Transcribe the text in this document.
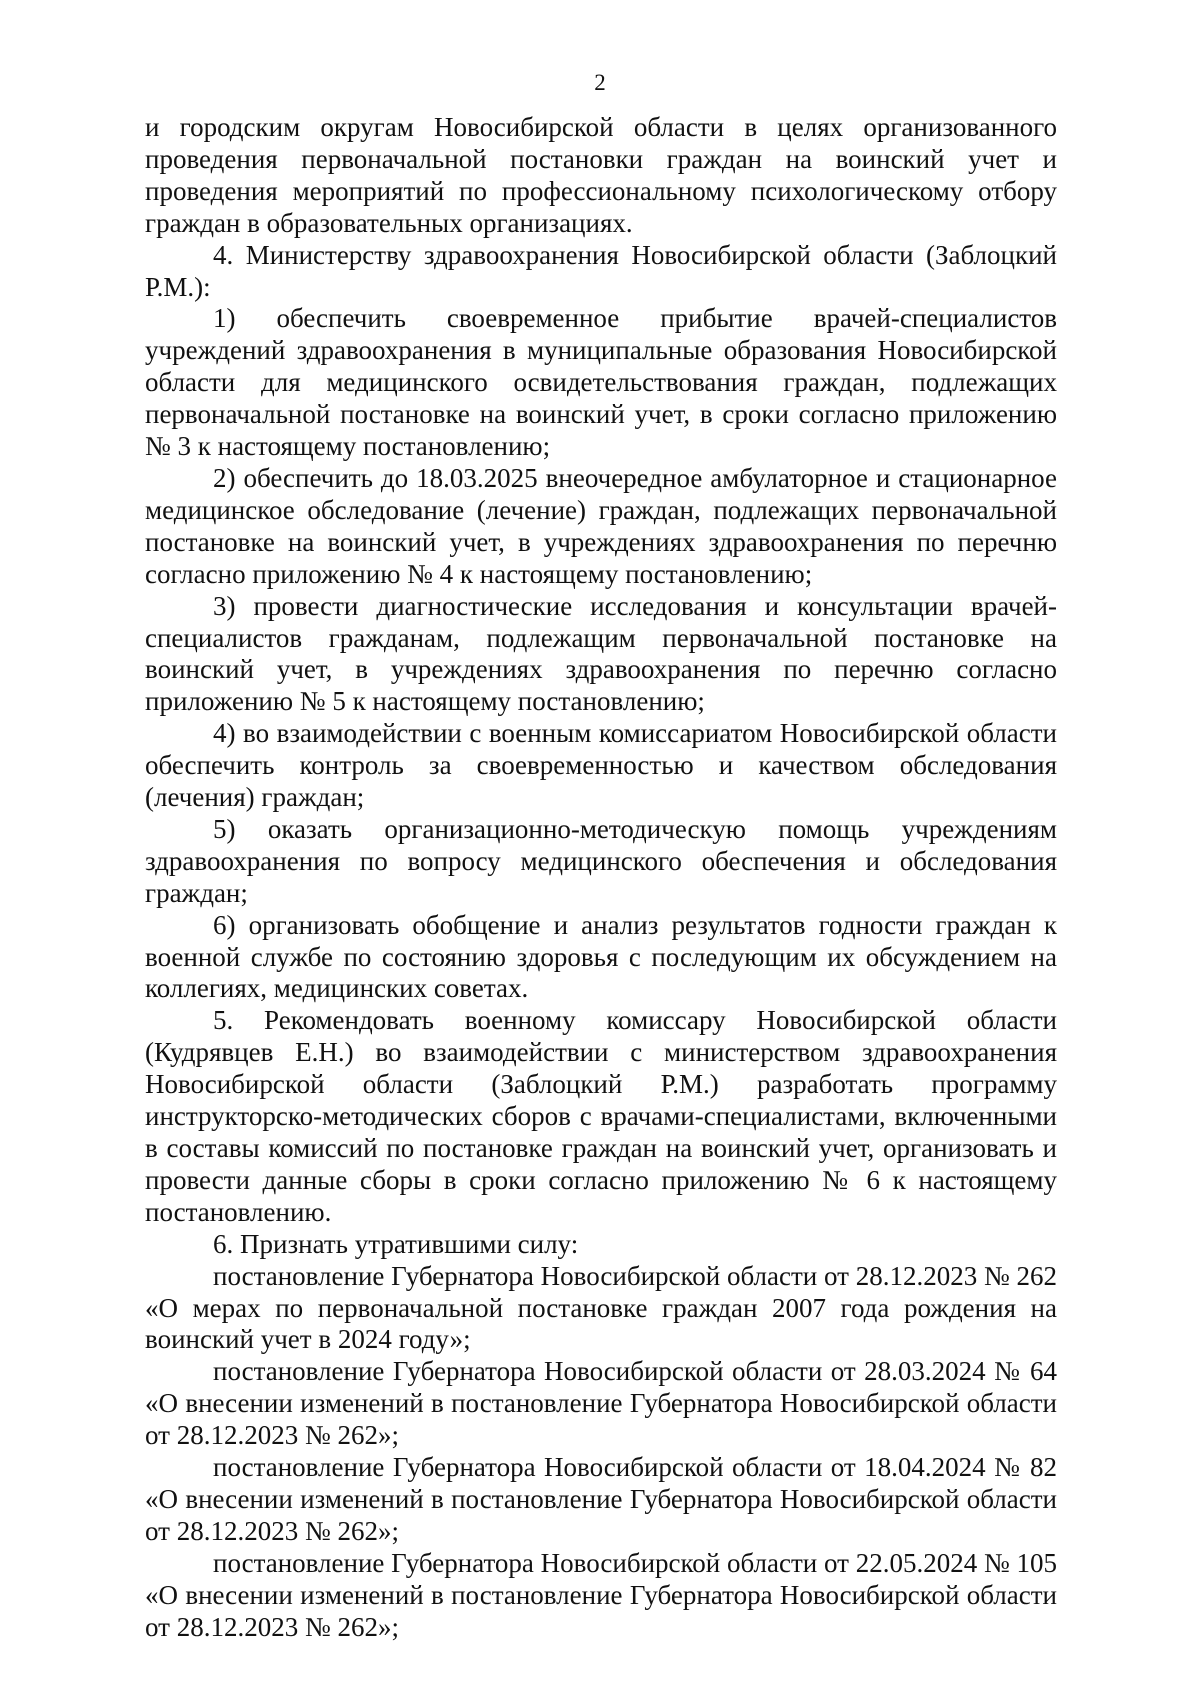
2

и городским округам Новосибирской области в целях организованного проведения первоначальной постановки граждан на воинский учет и проведения мероприятий по профессиональному психологическому отбору граждан в образовательных организациях.

4. Министерству здравоохранения Новосибирской области (Заблоцкий Р.М.):

1) обеспечить своевременное прибытие врачей-специалистов учреждений здравоохранения в муниципальные образования Новосибирской области для медицинского освидетельствования граждан, подлежащих первоначальной постановке на воинский учет, в сроки согласно приложению № 3 к настоящему постановлению;

2) обеспечить до 18.03.2025 внеочередное амбулаторное и стационарное медицинское обследование (лечение) граждан, подлежащих первоначальной постановке на воинский учет, в учреждениях здравоохранения по перечню согласно приложению № 4 к настоящему постановлению;

3) провести диагностические исследования и консультации врачей-специалистов гражданам, подлежащим первоначальной постановке на воинский учет, в учреждениях здравоохранения по перечню согласно приложению № 5 к настоящему постановлению;

4) во взаимодействии с военным комиссариатом Новосибирской области обеспечить контроль за своевременностью и качеством обследования (лечения) граждан;

5) оказать организационно-методическую помощь учреждениям здравоохранения по вопросу медицинского обеспечения и обследования граждан;

6) организовать обобщение и анализ результатов годности граждан к военной службе по состоянию здоровья с последующим их обсуждением на коллегиях, медицинских советах.

5. Рекомендовать военному комиссару Новосибирской области (Кудрявцев Е.Н.) во взаимодействии с министерством здравоохранения Новосибирской области (Заблоцкий Р.М.) разработать программу инструкторско-методических сборов с врачами-специалистами, включенными в составы комиссий по постановке граждан на воинский учет, организовать и провести данные сборы в сроки согласно приложению № 6 к настоящему постановлению.

6. Признать утратившими силу:

постановление Губернатора Новосибирской области от 28.12.2023 № 262 «О мерах по первоначальной постановке граждан 2007 года рождения на воинский учет в 2024 году»;

постановление Губернатора Новосибирской области от 28.03.2024 № 64 «О внесении изменений в постановление Губернатора Новосибирской области от 28.12.2023 № 262»;

постановление Губернатора Новосибирской области от 18.04.2024 № 82 «О внесении изменений в постановление Губернатора Новосибирской области от 28.12.2023 № 262»;

постановление Губернатора Новосибирской области от 22.05.2024 № 105 «О внесении изменений в постановление Губернатора Новосибирской области от 28.12.2023 № 262»;
